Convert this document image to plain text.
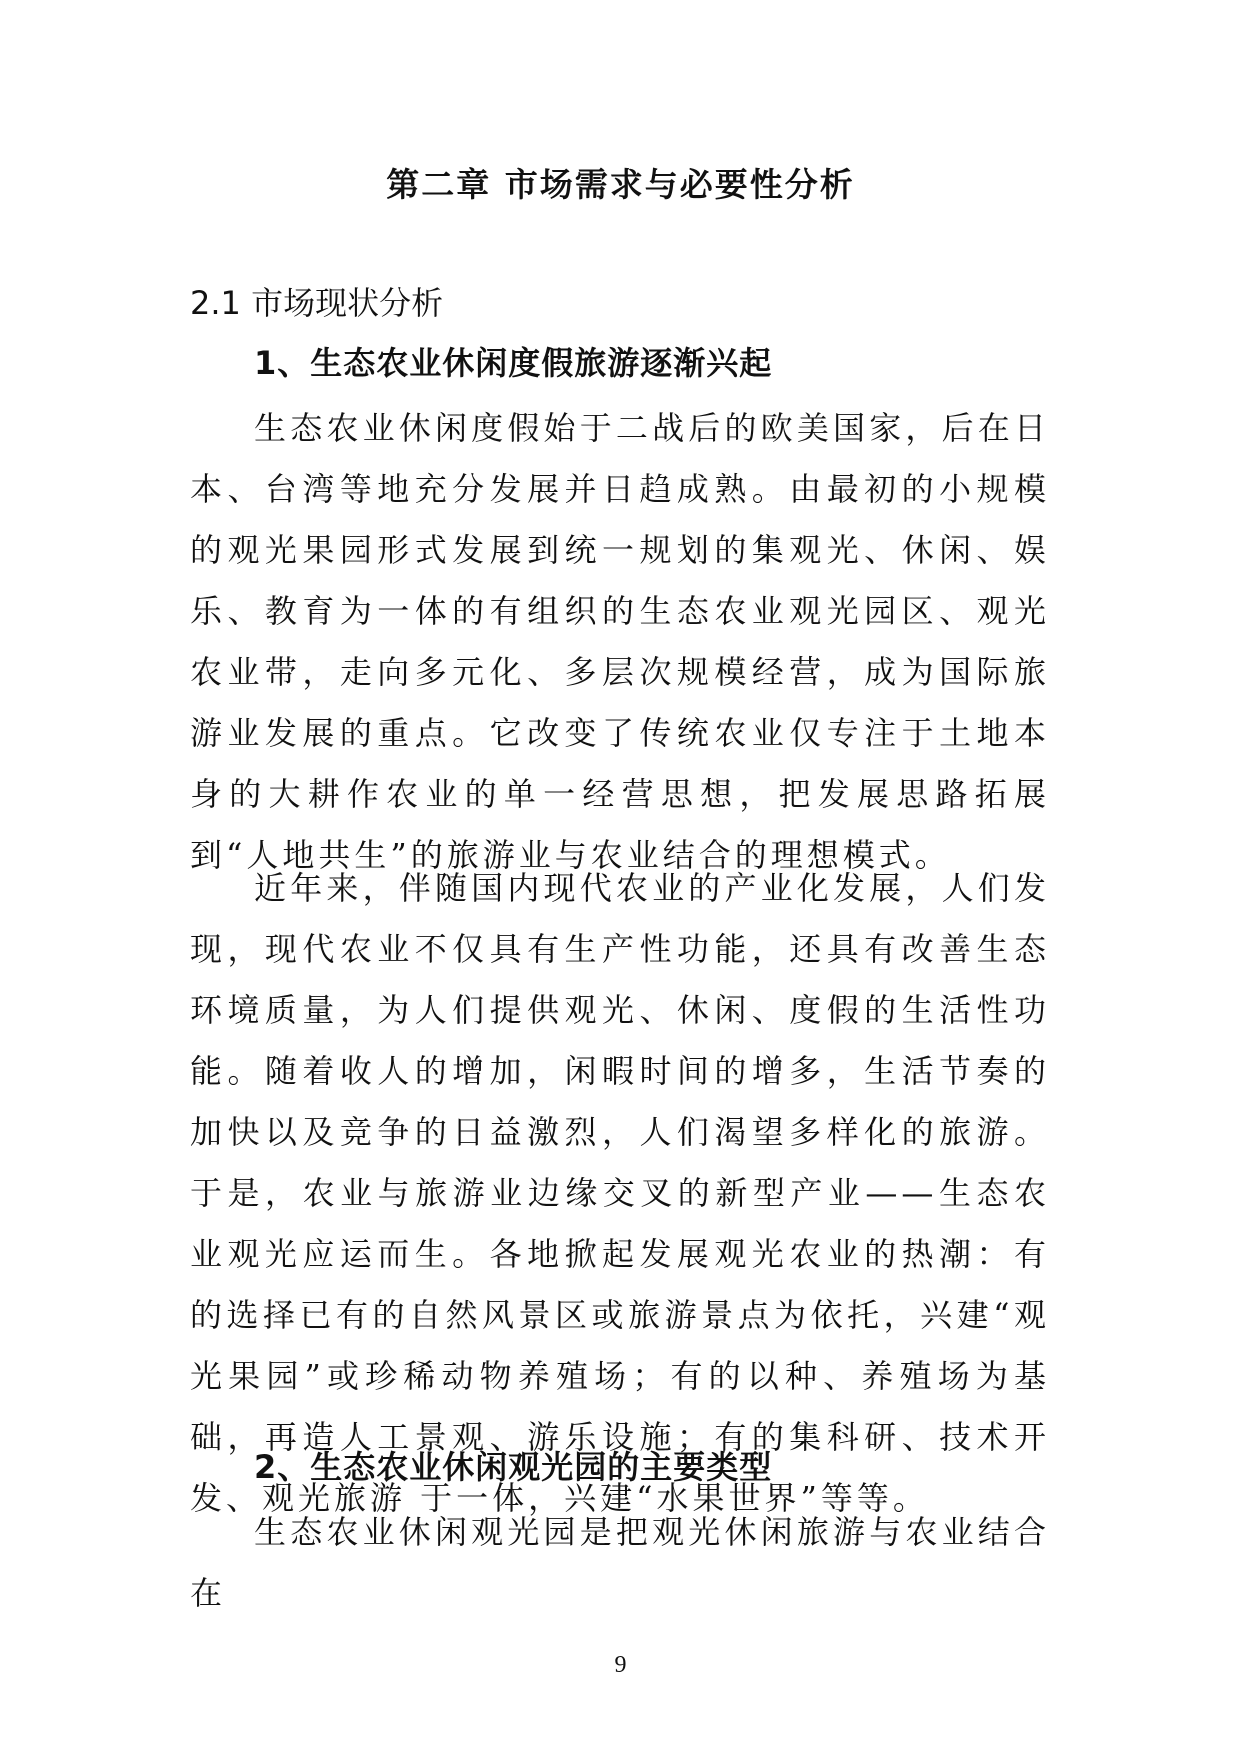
第二章 市场需求与必要性分析
2.1 市场现状分析
1、生态农业休闲度假旅游逐渐兴起

生态农业休闲度假始于二战后的欧美国家，后在日本、台湾等地充分发展并日趋成熟。由最初的小规模的观光果园形式发展到统一规划的集观光、休闲、娱乐、教育为一体的有组织的生态农业观光园区、观光农业带，走向多元化、多层次规模经营，成为国际旅游业发展的重点。它改变了传统农业仅专注于土地本身的大耕作农业的单一经营思想，把发展思路拓展到“人地共生”的旅游业与农业结合的理想模式。

近年来，伴随国内现代农业的产业化发展，人们发现，现代农业不仅具有生产性功能，还具有改善生态环境质量，为人们提供观光、休闲、度假的生活性功能。随着收人的增加，闲暇时间的增多，生活节奏的加快以及竞争的日益激烈，人们渴望多样化的旅游。于是，农业与旅游业边缘交叉的新型产业——生态农业观光应运而生。各地掀起发展观光农业的热潮：有的选择已有的自然风景区或旅游景点为依托，兴建“观光果园”或珍稀动物养殖场；有的以种、养殖场为基础，再造人工景观、游乐设施；有的集科研、技术开发、观光旅游 于一体，兴建“水果世界”等等。

2、生态农业休闲观光园的主要类型

生态农业休闲观光园是把观光休闲旅游与农业结合在

9
